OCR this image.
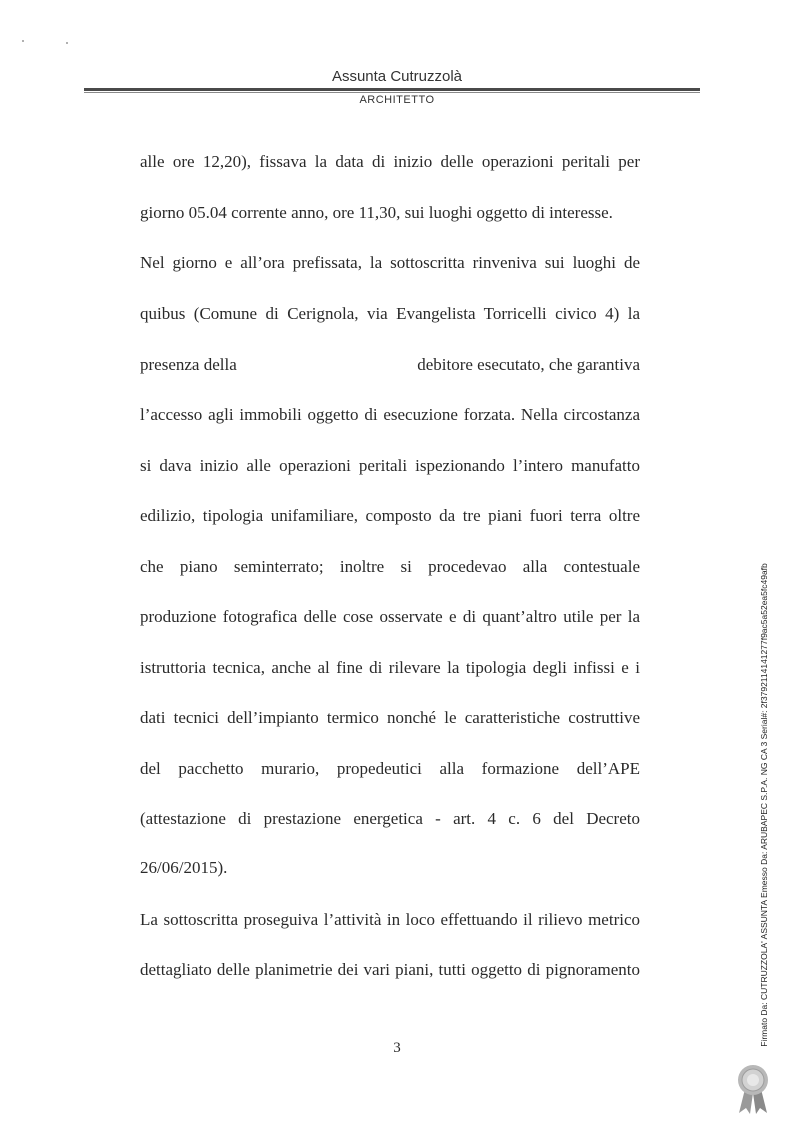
Assunta Cutruzzolà
ARCHITETTO
alle ore 12,20), fissava la data di inizio delle operazioni peritali per
giorno 05.04 corrente anno, ore 11,30, sui luoghi oggetto di interesse.
Nel giorno e all’ora prefissata, la sottoscritta rinveniva sui luoghi de
quibus (Comune di Cerignola, via Evangelista Torricelli civico 4) la
presenza della	debitore esecutato, che garantiva
l’accesso agli immobili oggetto di esecuzione forzata. Nella circostanza
si dava inizio alle operazioni peritali ispezionando l’intero manufatto
edilizio, tipologia unifamiliare, composto da tre piani fuori terra oltre
che piano seminterrato; inoltre si procedevao alla contestuale
produzione fotografica delle cose osservate e di quant’altro utile per la
istruttoria tecnica, anche al fine di rilevare la tipologia degli infissi e i
dati tecnici dell’impianto termico nonché le caratteristiche costruttive
del pacchetto murario, propedeutici alla formazione dell’APE
(attestazione di prestazione energetica - art. 4 c. 6 del Decreto
26/06/2015).
La sottoscritta proseguiva l’attività in loco effettuando il rilievo metrico
dettagliato delle planimetrie dei vari piani, tutti oggetto di pignoramento
3
Firmato Da: CUTRUZZOLA' ASSUNTA Emesso Da: ARUBAPEC S.P.A. NG CA 3 Serial#: 2f3792114141277f9ac5a52ea5fc49afb
